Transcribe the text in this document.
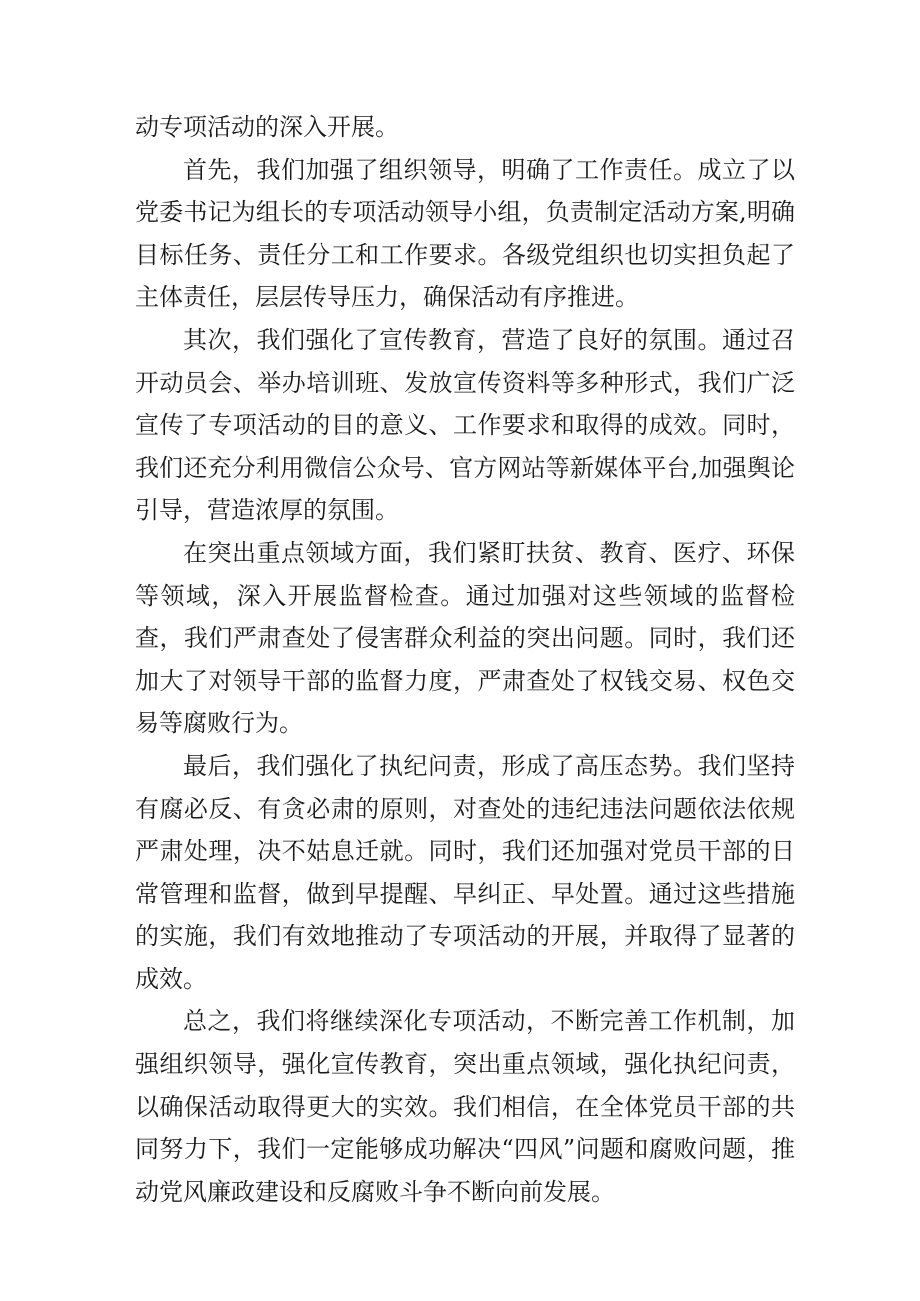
动专项活动的深入开展。

首先，我们加强了组织领导，明确了工作责任。成立了以党委书记为组长的专项活动领导小组，负责制定活动方案,明确目标任务、责任分工和工作要求。各级党组织也切实担负起了主体责任，层层传导压力，确保活动有序推进。

其次，我们强化了宣传教育，营造了良好的氛围。通过召开动员会、举办培训班、发放宣传资料等多种形式，我们广泛宣传了专项活动的目的意义、工作要求和取得的成效。同时，我们还充分利用微信公众号、官方网站等新媒体平台,加强舆论引导，营造浓厚的氛围。

在突出重点领域方面，我们紧盯扶贫、教育、医疗、环保等领域，深入开展监督检查。通过加强对这些领域的监督检查，我们严肃查处了侵害群众利益的突出问题。同时，我们还加大了对领导干部的监督力度，严肃查处了权钱交易、权色交易等腐败行为。

最后，我们强化了执纪问责，形成了高压态势。我们坚持有腐必反、有贪必肃的原则，对查处的违纪违法问题依法依规严肃处理，决不姑息迁就。同时，我们还加强对党员干部的日常管理和监督，做到早提醒、早纠正、早处置。通过这些措施的实施，我们有效地推动了专项活动的开展，并取得了显著的成效。

总之，我们将继续深化专项活动，不断完善工作机制，加强组织领导，强化宣传教育，突出重点领域，强化执纪问责，以确保活动取得更大的实效。我们相信，在全体党员干部的共同努力下，我们一定能够成功解决“四风”问题和腐败问题，推动党风廉政建设和反腐败斗争不断向前发展。
